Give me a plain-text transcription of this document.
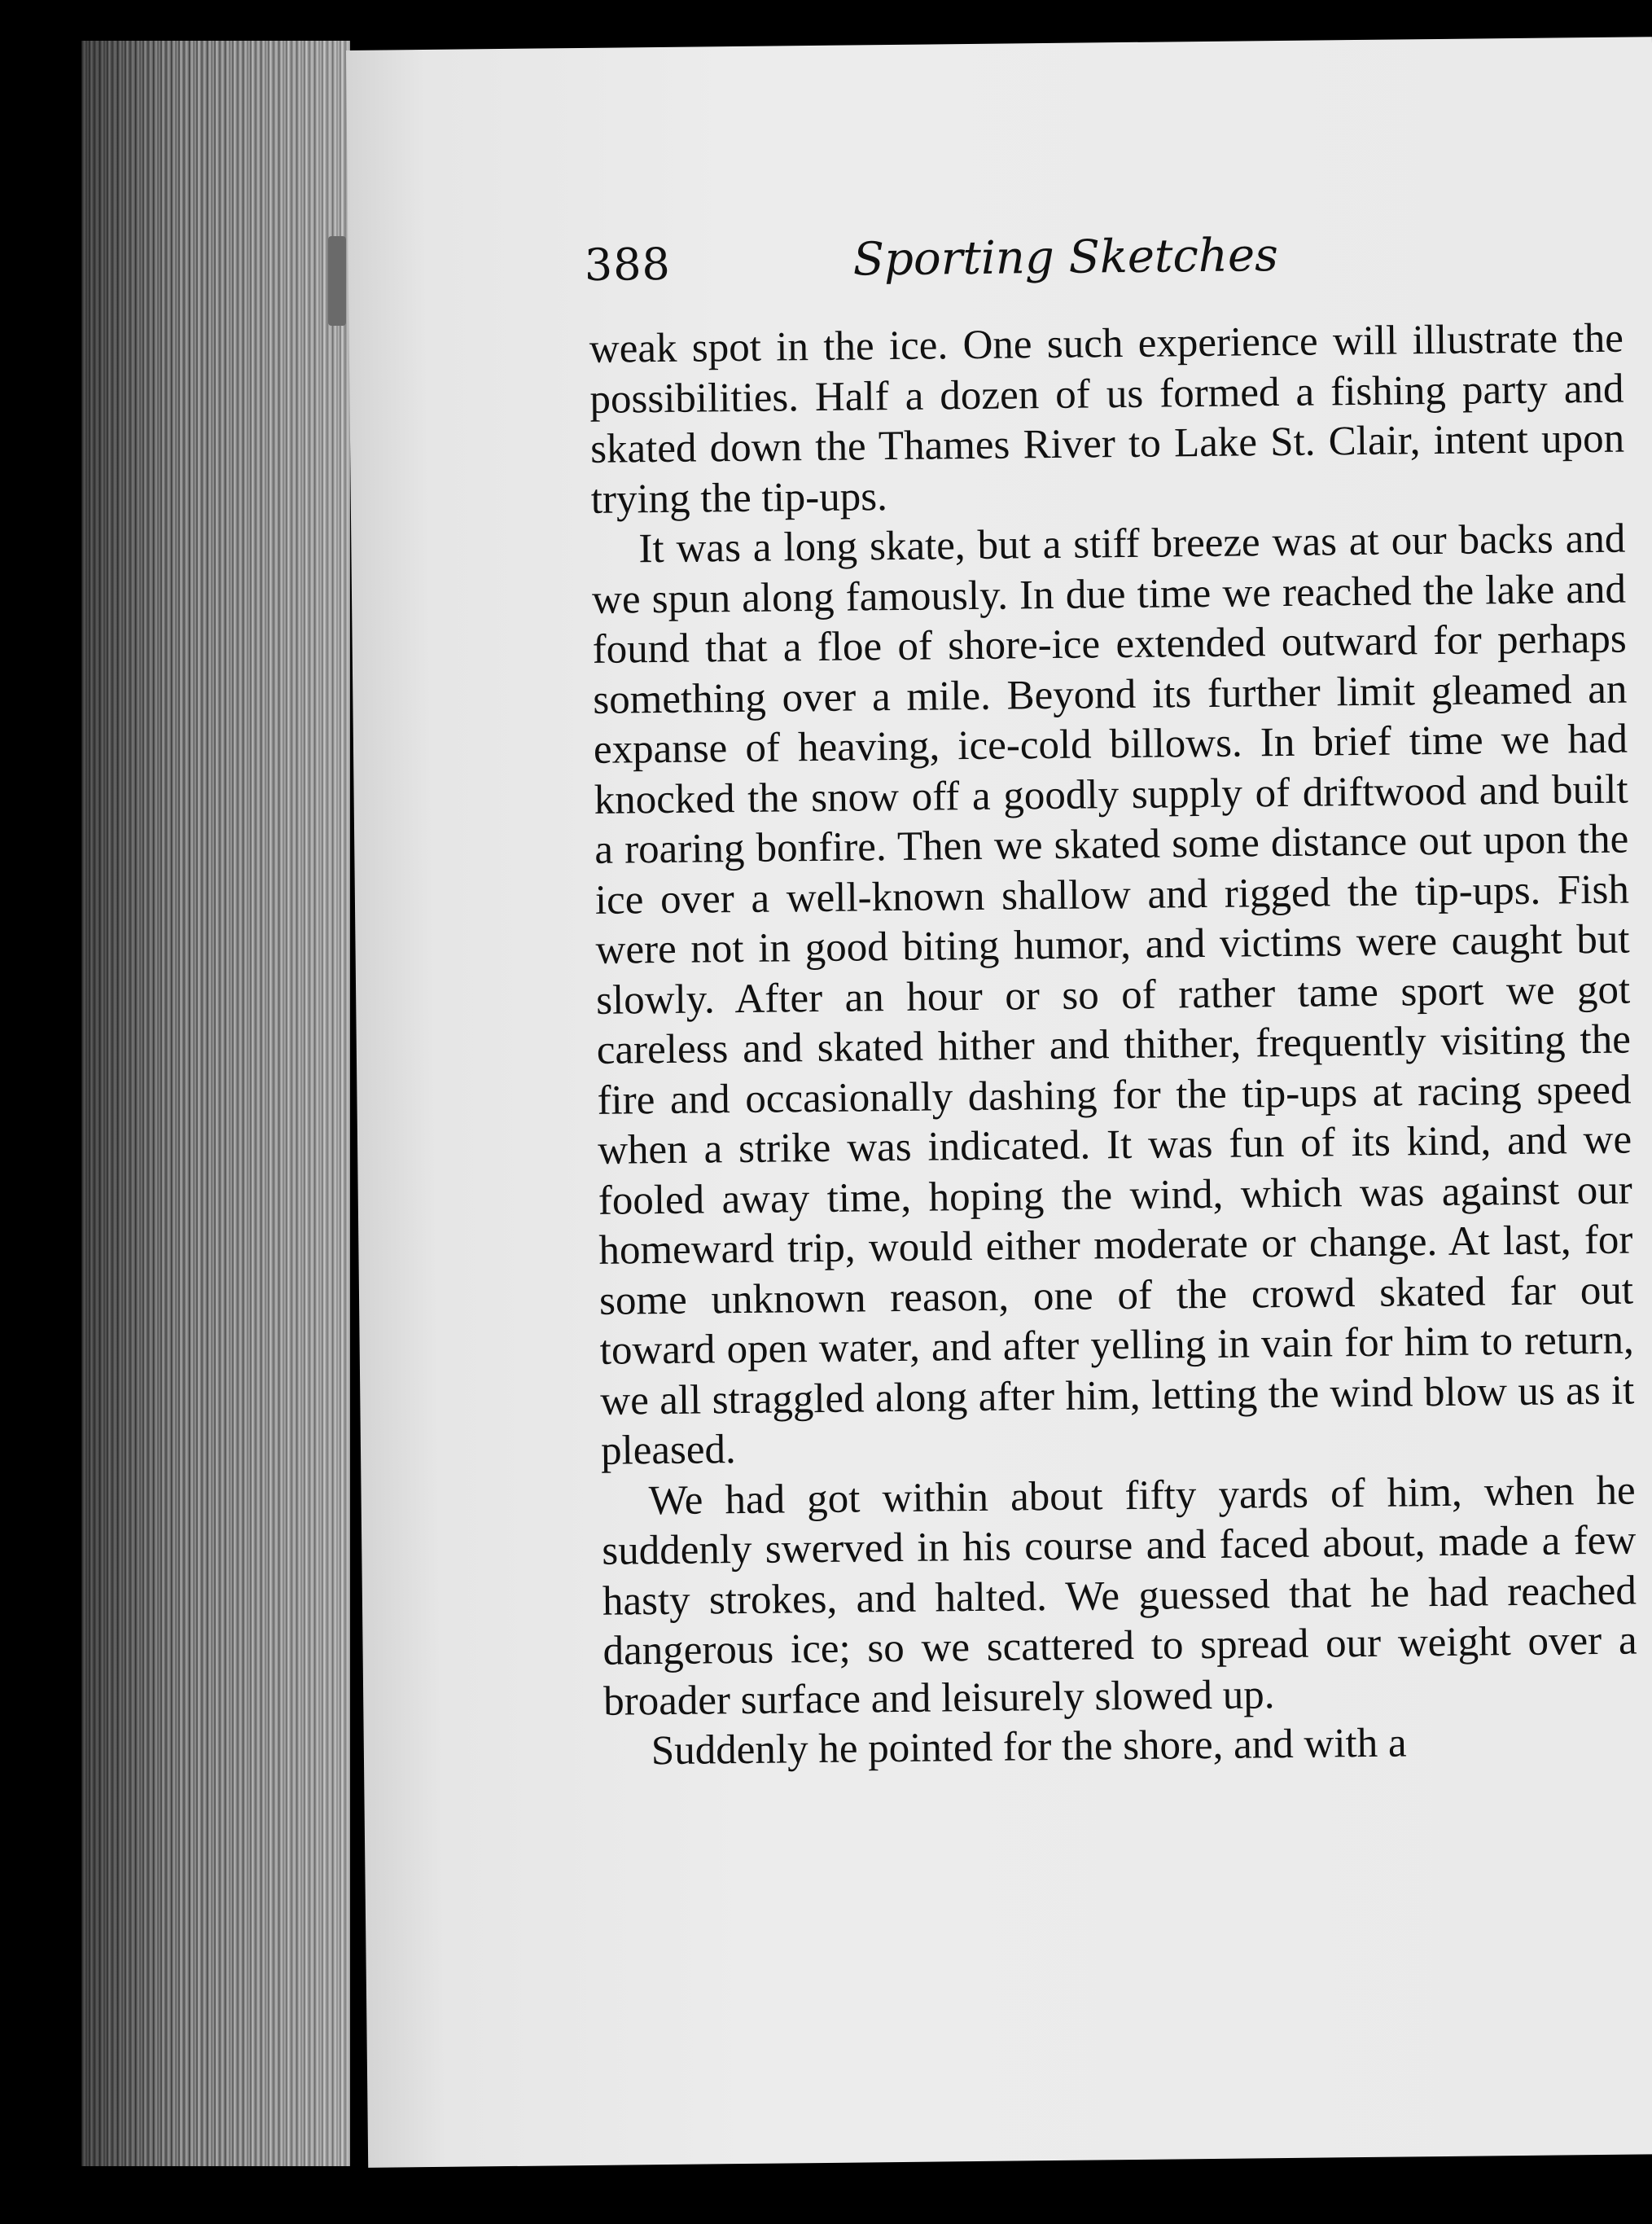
388	Sporting Sketches

weak spot in the ice. One such experience will illustrate the possibilities. Half a dozen of us formed a fishing party and skated down the Thames River to Lake St. Clair, intent upon trying the tip-ups.

It was a long skate, but a stiff breeze was at our backs and we spun along famously. In due time we reached the lake and found that a floe of shore-ice extended outward for perhaps something over a mile. Beyond its further limit gleamed an expanse of heaving, ice-cold billows. In brief time we had knocked the snow off a goodly supply of driftwood and built a roaring bonfire. Then we skated some distance out upon the ice over a well-known shallow and rigged the tip-ups. Fish were not in good biting humor, and victims were caught but slowly. After an hour or so of rather tame sport we got careless and skated hither and thither, frequently visiting the fire and occasionally dashing for the tip-ups at racing speed when a strike was indicated. It was fun of its kind, and we fooled away time, hoping the wind, which was against our homeward trip, would either moderate or change. At last, for some unknown reason, one of the crowd skated far out toward open water, and after yelling in vain for him to return, we all straggled along after him, letting the wind blow us as it pleased.

We had got within about fifty yards of him, when he suddenly swerved in his course and faced about, made a few hasty strokes, and halted. We guessed that he had reached dangerous ice; so we scattered to spread our weight over a broader surface and leisurely slowed up.

Suddenly he pointed for the shore, and with a
